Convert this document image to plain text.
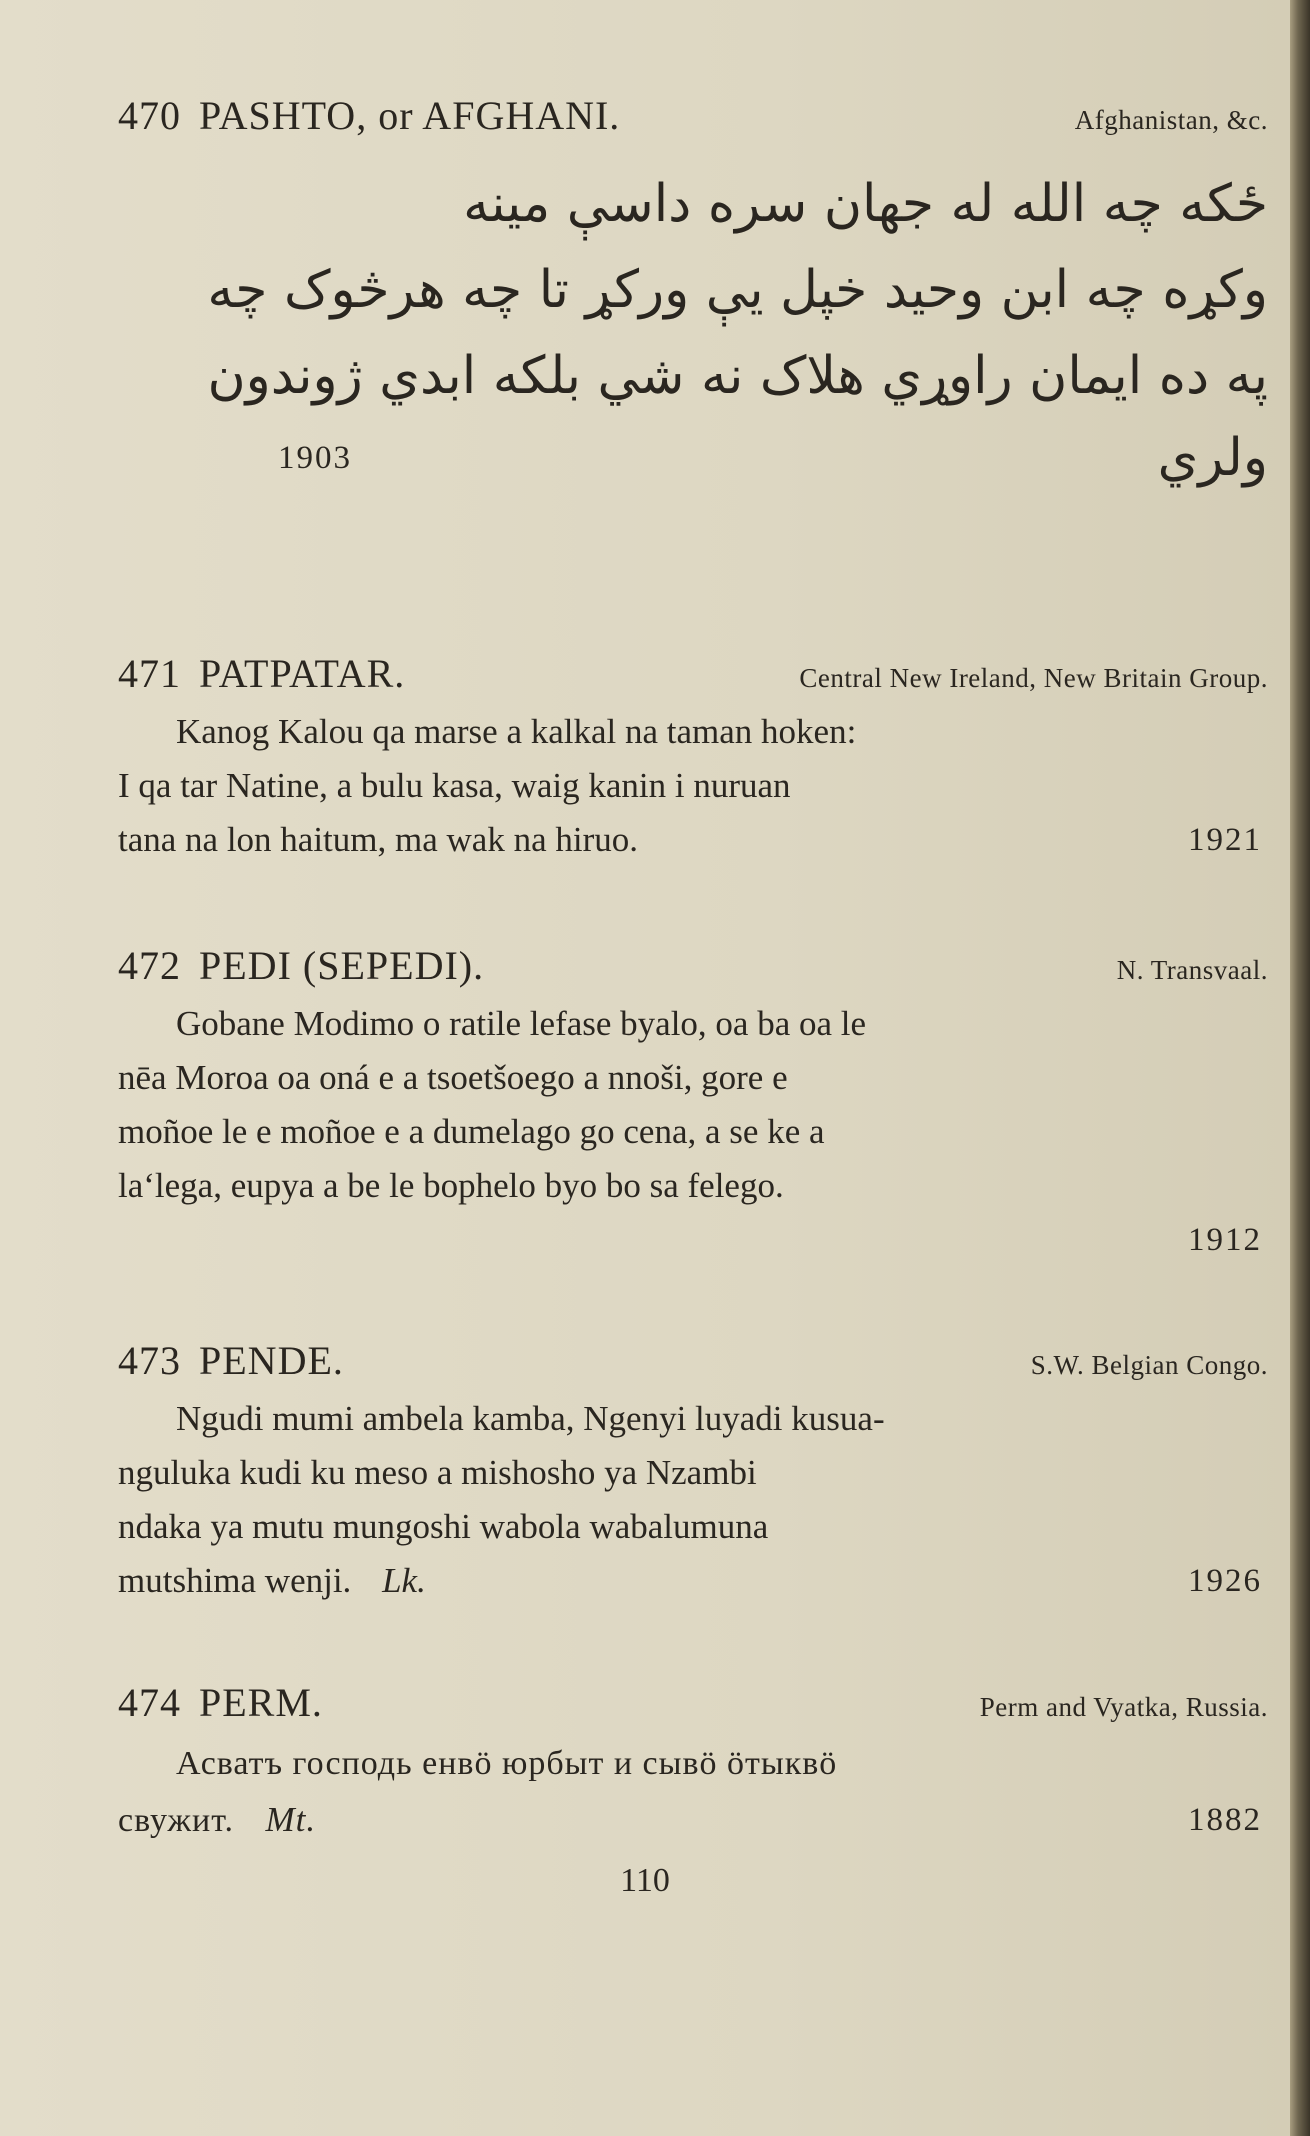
470 PASHTO, or AFGHANI.	Afghanistan, &c.
ځکه چه الله له جهان سره داسې مينه
وکړه چه ابن وحيد خپل يې ورکړ تا چه هرڅوک چه
په ده ايمان راوړي هلاک نه شي بلکه ابدي ژوندون
1903	ولري
471 PATPATAR.	Central New Ireland, New Britain Group.
Kanog Kalou qa marse a kalkal na taman hoken:
I qa tar Natine, a bulu kasa, waig kanin i nuruan
tana na lon haitum, ma wak na hiruo.	1921
472 PEDI (SEPEDI).	N. Transvaal.
Gobane Modimo o ratile lefase byalo, oa ba oa le
nēa Moroa oa oná e a tsoetšoego a nnoši, gore e
moñoe le e moñoe e a dumelago go cena, a se ke a
laʻlega, eupya a be le bophelo byo bo sa felego.
1912
473 PENDE.	S.W. Belgian Congo.
Ngudi mumi ambela kamba, Ngenyi luyadi kusua-
nguluka kudi ku meso a mishosho ya Nzambi
ndaka ya mutu mungoshi wabola wabalumuna
mutshima wenji. Lk.	1926
474 PERM.	Perm and Vyatka, Russia.
Асватъ господь енвӧ юрбыт и сывӧ ӧтыквӧ
свужит. Mt.	1882
110
